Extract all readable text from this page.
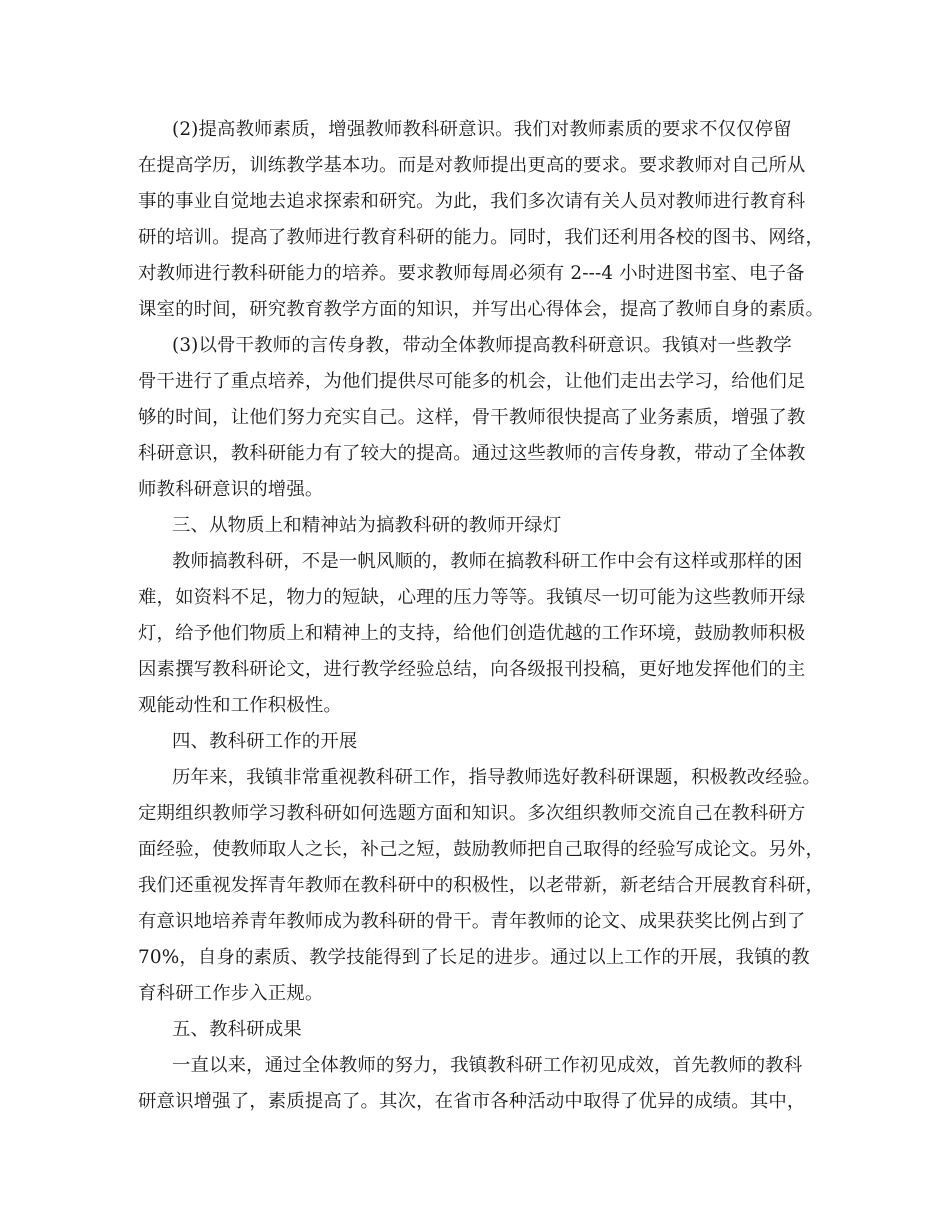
(2)提高教师素质，增强教师教科研意识。我们对教师素质的要求不仅仅停留
在提高学历，训练教学基本功。而是对教师提出更高的要求。要求教师对自己所从
事的事业自觉地去追求探索和研究。为此，我们多次请有关人员对教师进行教育科
研的培训。提高了教师进行教育科研的能力。同时，我们还利用各校的图书、网络，
对教师进行教科研能力的培养。要求教师每周必须有 2---4 小时进图书室、电子备
课室的时间，研究教育教学方面的知识，并写出心得体会，提高了教师自身的素质。
(3)以骨干教师的言传身教，带动全体教师提高教科研意识。我镇对一些教学
骨干进行了重点培养，为他们提供尽可能多的机会，让他们走出去学习，给他们足
够的时间，让他们努力充实自己。这样，骨干教师很快提高了业务素质，增强了教
科研意识，教科研能力有了较大的提高。通过这些教师的言传身教，带动了全体教
师教科研意识的增强。
三、从物质上和精神站为搞教科研的教师开绿灯
教师搞教科研，不是一帆风顺的，教师在搞教科研工作中会有这样或那样的困
难，如资料不足，物力的短缺，心理的压力等等。我镇尽一切可能为这些教师开绿
灯，给予他们物质上和精神上的支持，给他们创造优越的工作环境，鼓励教师积极
因素撰写教科研论文，进行教学经验总结，向各级报刊投稿，更好地发挥他们的主
观能动性和工作积极性。
四、教科研工作的开展
历年来，我镇非常重视教科研工作，指导教师选好教科研课题，积极教改经验。
定期组织教师学习教科研如何选题方面和知识。多次组织教师交流自己在教科研方
面经验，使教师取人之长，补己之短，鼓励教师把自己取得的经验写成论文。另外，
我们还重视发挥青年教师在教科研中的积极性，以老带新，新老结合开展教育科研，
有意识地培养青年教师成为教科研的骨干。青年教师的论文、成果获奖比例占到了
70%，自身的素质、教学技能得到了长足的进步。通过以上工作的开展，我镇的教
育科研工作步入正规。
五、教科研成果
一直以来，通过全体教师的努力，我镇教科研工作初见成效，首先教师的教科
研意识增强了，素质提高了。其次，在省市各种活动中取得了优异的成绩。其中，
